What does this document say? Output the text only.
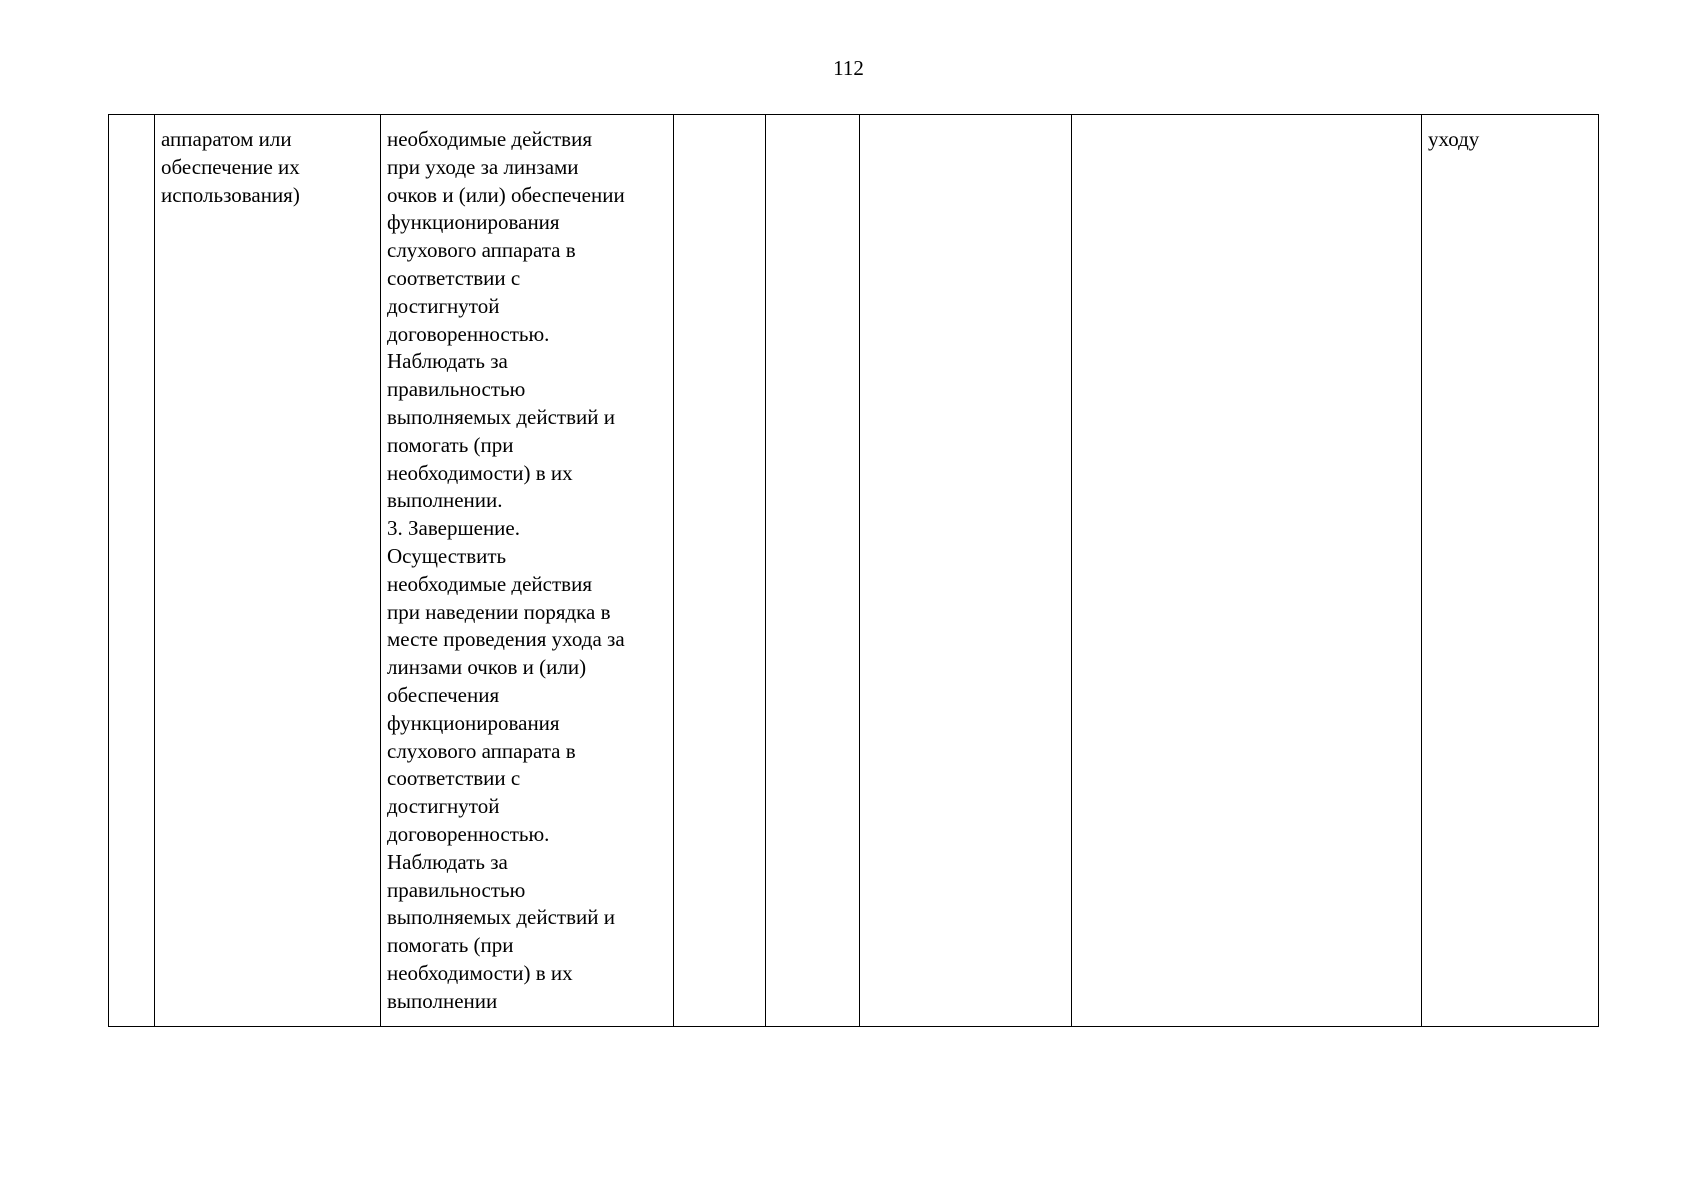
112
	аппаратом или
обеспечение их
использования)	необходимые действия
при уходе за линзами
очков и (или) обеспечении
функционирования
слухового аппарата в
соответствии с
достигнутой
договоренностью.
Наблюдать за
правильностью
выполняемых действий и
помогать (при
необходимости) в их
выполнении.
3. Завершение.
Осуществить
необходимые действия
при наведении порядка в
месте проведения ухода за
линзами очков и (или)
обеспечения
функционирования
слухового аппарата в
соответствии с
достигнутой
договоренностью.
Наблюдать за
правильностью
выполняемых действий и
помогать (при
необходимости) в их
выполнении					уходу
